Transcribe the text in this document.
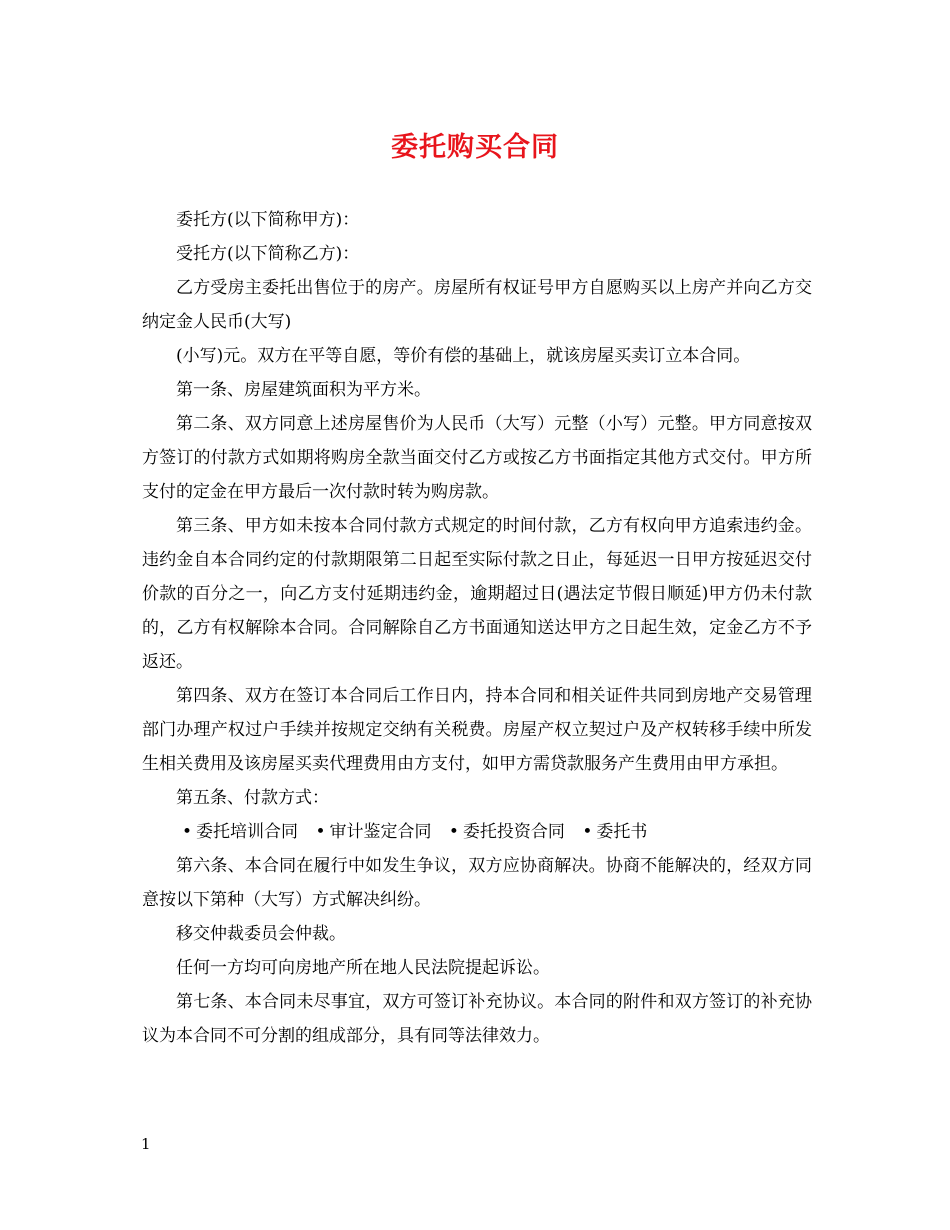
委托购买合同

委托方(以下简称甲方)：

受托方(以下简称乙方)：

乙方受房主委托出售位于的房产。房屋所有权证号甲方自愿购买以上房产并向乙方交纳定金人民币(大写)

(小写)元。双方在平等自愿，等价有偿的基础上，就该房屋买卖订立本合同。

第一条、房屋建筑面积为平方米。

第二条、双方同意上述房屋售价为人民币（大写）元整（小写）元整。甲方同意按双方签订的付款方式如期将购房全款当面交付乙方或按乙方书面指定其他方式交付。甲方所支付的定金在甲方最后一次付款时转为购房款。

第三条、甲方如未按本合同付款方式规定的时间付款，乙方有权向甲方追索违约金。违约金自本合同约定的付款期限第二日起至实际付款之日止，每延迟一日甲方按延迟交付价款的百分之一，向乙方支付延期违约金，逾期超过日(遇法定节假日顺延)甲方仍未付款的，乙方有权解除本合同。合同解除自乙方书面通知送达甲方之日起生效，定金乙方不予返还。

第四条、双方在签订本合同后工作日内，持本合同和相关证件共同到房地产交易管理部门办理产权过户手续并按规定交纳有关税费。房屋产权立契过户及产权转移手续中所发生相关费用及该房屋买卖代理费用由方支付，如甲方需贷款服务产生费用由甲方承担。

第五条、付款方式：

• 委托培训合同 • 审计鉴定合同 • 委托投资合同 • 委托书

第六条、本合同在履行中如发生争议，双方应协商解决。协商不能解决的，经双方同意按以下第种（大写）方式解决纠纷。

移交仲裁委员会仲裁。

任何一方均可向房地产所在地人民法院提起诉讼。

第七条、本合同未尽事宜，双方可签订补充协议。本合同的附件和双方签订的补充协议为本合同不可分割的组成部分，具有同等法律效力。

1
